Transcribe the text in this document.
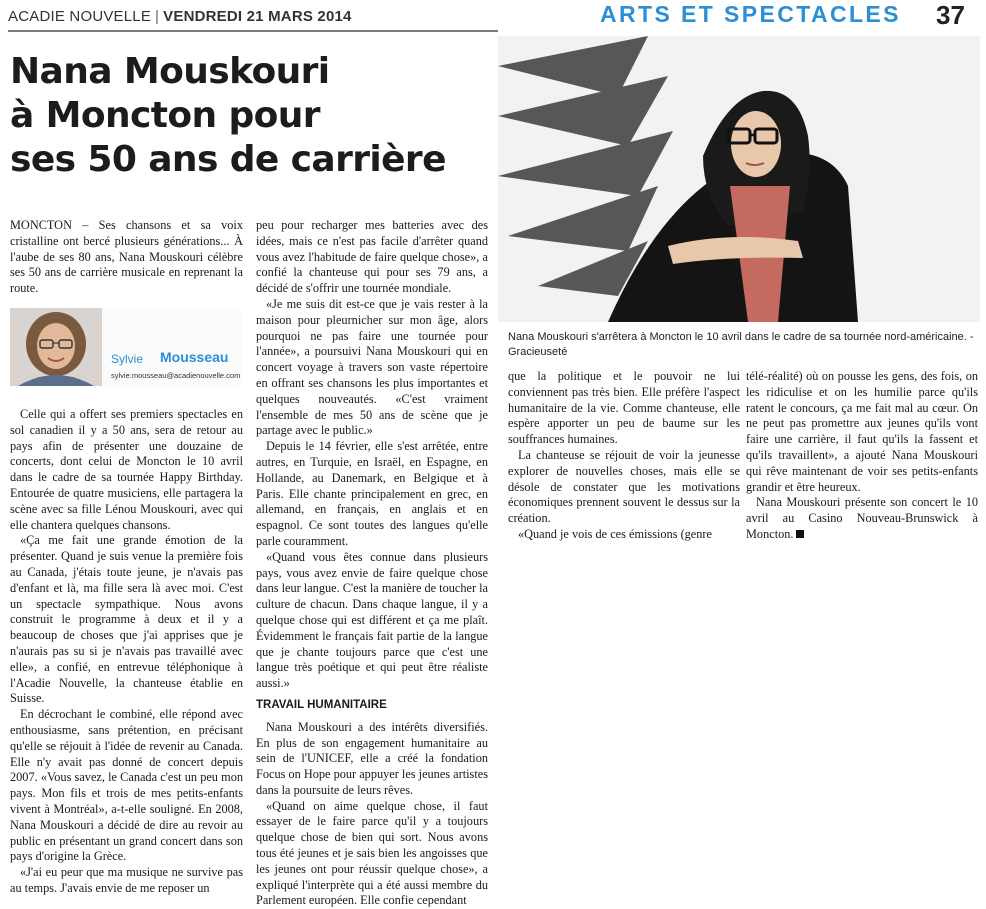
ACADIE NOUVELLE | VENDREDI 21 MARS 2014	ARTS ET SPECTACLES 37
Nana Mouskouri
à Moncton pour
ses 50 ans de carrière

MONCTON – Ses chansons et sa voix cristalline ont bercé plusieurs générations... À l'aube de ses 80 ans, Nana Mouskouri célèbre ses 50 ans de carrière musicale en reprenant la route.

Sylvie Mousseau
sylvie.mousseau@acadienouvelle.com

Celle qui a offert ses premiers spectacles en sol canadien il y a 50 ans, sera de retour au pays afin de présenter une douzaine de concerts, dont celui de Moncton le 10 avril dans le cadre de sa tournée Happy Birthday. Entourée de quatre musiciens, elle partagera la scène avec sa fille Lénou Mouskouri, avec qui elle chantera quelques chansons.

«Ça me fait une grande émotion de la présenter. Quand je suis venue la première fois au Canada, j'étais toute jeune, je n'avais pas d'enfant et là, ma fille sera là avec moi. C'est un spectacle sympathique. Nous avons construit le programme à deux et il y a beaucoup de choses que j'ai apprises que je n'aurais pas su si je n'avais pas travaillé avec elle», a confié, en entrevue téléphonique à l'Acadie Nouvelle, la chanteuse établie en Suisse.

En décrochant le combiné, elle répond avec enthousiasme, sans prétention, en précisant qu'elle se réjouit à l'idée de revenir au Canada. Elle n'y avait pas donné de concert depuis 2007. «Vous savez, le Canada c'est un peu mon pays. Mon fils et trois de mes petits-enfants vivent à Montréal», a-t-elle souligné. En 2008, Nana Mouskouri a décidé de dire au revoir au public en présentant un grand concert dans son pays d'origine la Grèce.

«J'ai eu peur que ma musique ne survive pas au temps. J'avais envie de me reposer un

peu pour recharger mes batteries avec des idées, mais ce n'est pas facile d'arrêter quand vous avez l'habitude de faire quelque chose», a confié la chanteuse qui pour ses 79 ans, a décidé de s'offrir une tournée mondiale.

«Je me suis dit est-ce que je vais rester à la maison pour pleurnicher sur mon âge, alors pourquoi ne pas faire une tournée pour l'année», a poursuivi Nana Mouskouri qui en concert voyage à travers son vaste répertoire en offrant ses chansons les plus importantes et quelques nouveautés. «C'est vraiment l'ensemble de mes 50 ans de scène que je partage avec le public.»

Depuis le 14 février, elle s'est arrêtée, entre autres, en Turquie, en Israël, en Espagne, en Hollande, au Danemark, en Belgique et à Paris. Elle chante principalement en grec, en allemand, en français, en anglais et en espagnol. Ce sont toutes des langues qu'elle parle couramment.

«Quand vous êtes connue dans plusieurs pays, vous avez envie de faire quelque chose dans leur langue. C'est la manière de toucher la culture de chacun. Dans chaque langue, il y a quelque chose qui est différent et ça me plaît. Évidemment le français fait partie de la langue que je chante toujours parce que c'est une langue très poétique et qui peut être réaliste aussi.»

TRAVAIL HUMANITAIRE

Nana Mouskouri a des intérêts diversifiés. En plus de son engagement humanitaire au sein de l'UNICEF, elle a créé la fondation Focus on Hope pour appuyer les jeunes artistes dans la poursuite de leurs rêves.

«Quand on aime quelque chose, il faut essayer de le faire parce qu'il y a toujours quelque chose de bien qui sort. Nous avons tous été jeunes et je sais bien les angoisses que les jeunes ont pour réussir quelque chose», a expliqué l'interprète qui a été aussi membre du Parlement européen. Elle confie cependant

Nana Mouskouri s'arrêtera à Moncton le 10 avril dans le cadre de sa tournée nord-américaine. - Gracieuseté

que la politique et le pouvoir ne lui conviennent pas très bien. Elle préfère l'aspect humanitaire de la vie. Comme chanteuse, elle espère apporter un peu de baume sur les souffrances humaines.

La chanteuse se réjouit de voir la jeunesse explorer de nouvelles choses, mais elle se désole de constater que les motivations économiques prennent souvent le dessus sur la création.

«Quand je vois de ces émissions (genre

télé-réalité) où on pousse les gens, des fois, on les ridiculise et on les humilie parce qu'ils ratent le concours, ça me fait mal au cœur. On ne peut pas promettre aux jeunes qu'ils vont faire une carrière, il faut qu'ils la fassent et qu'ils travaillent», a ajouté Nana Mouskouri qui rêve maintenant de voir ses petits-enfants grandir et être heureux.

Nana Mouskouri présente son concert le 10 avril au Casino Nouveau-Brunswick à Moncton.
